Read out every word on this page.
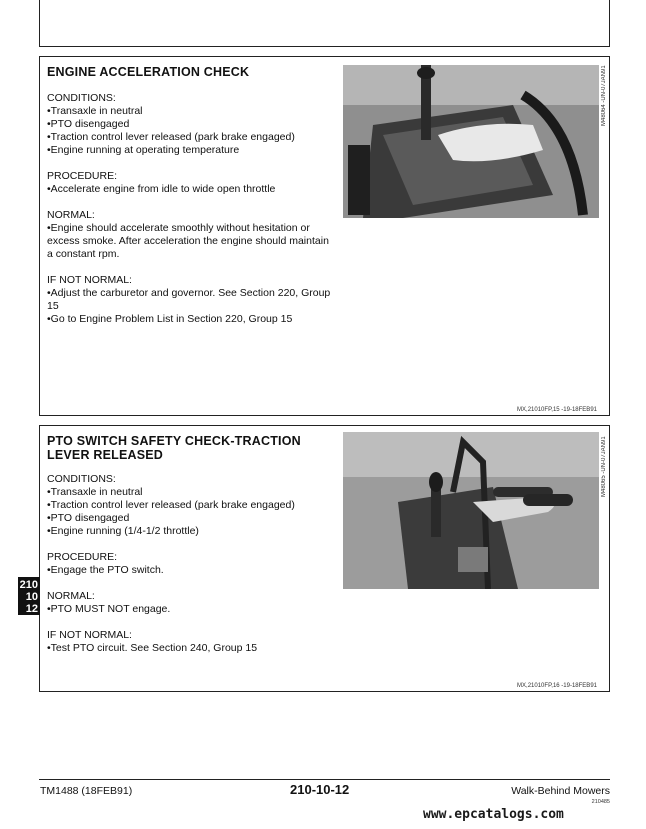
ENGINE ACCELERATION CHECK
CONDITIONS:
•Transaxle in neutral
•PTO disengaged
•Traction control lever released (park brake engaged)
•Engine running at operating temperature
PROCEDURE:
•Accelerate engine from idle to wide open throttle
NORMAL:
•Engine should accelerate smoothly without hesitation or excess smoke. After acceleration the engine should maintain a constant rpm.
IF NOT NORMAL:
•Adjust the carburetor and governor. See Section 220, Group 15
•Go to Engine Problem List in Section 220, Group 15
M48064 -UN-07JAN91
MX,21010FP,15 -19-18FEB91
PTO SWITCH SAFETY CHECK-TRACTION LEVER RELEASED
CONDITIONS:
•Transaxle in neutral
•Traction control lever released (park brake engaged)
•PTO disengaged
•Engine running (1/4-1/2 throttle)
PROCEDURE:
•Engage the PTO switch.
NORMAL:
•PTO MUST NOT engage.
IF NOT NORMAL:
•Test PTO circuit. See Section 240, Group 15
M48065 -UN-07JAN91
MX,21010FP,16 -19-18FEB91
210
10
12
TM1488 (18FEB91)	210-10-12	Walk-Behind Mowers
210485
www.epcatalogs.com
